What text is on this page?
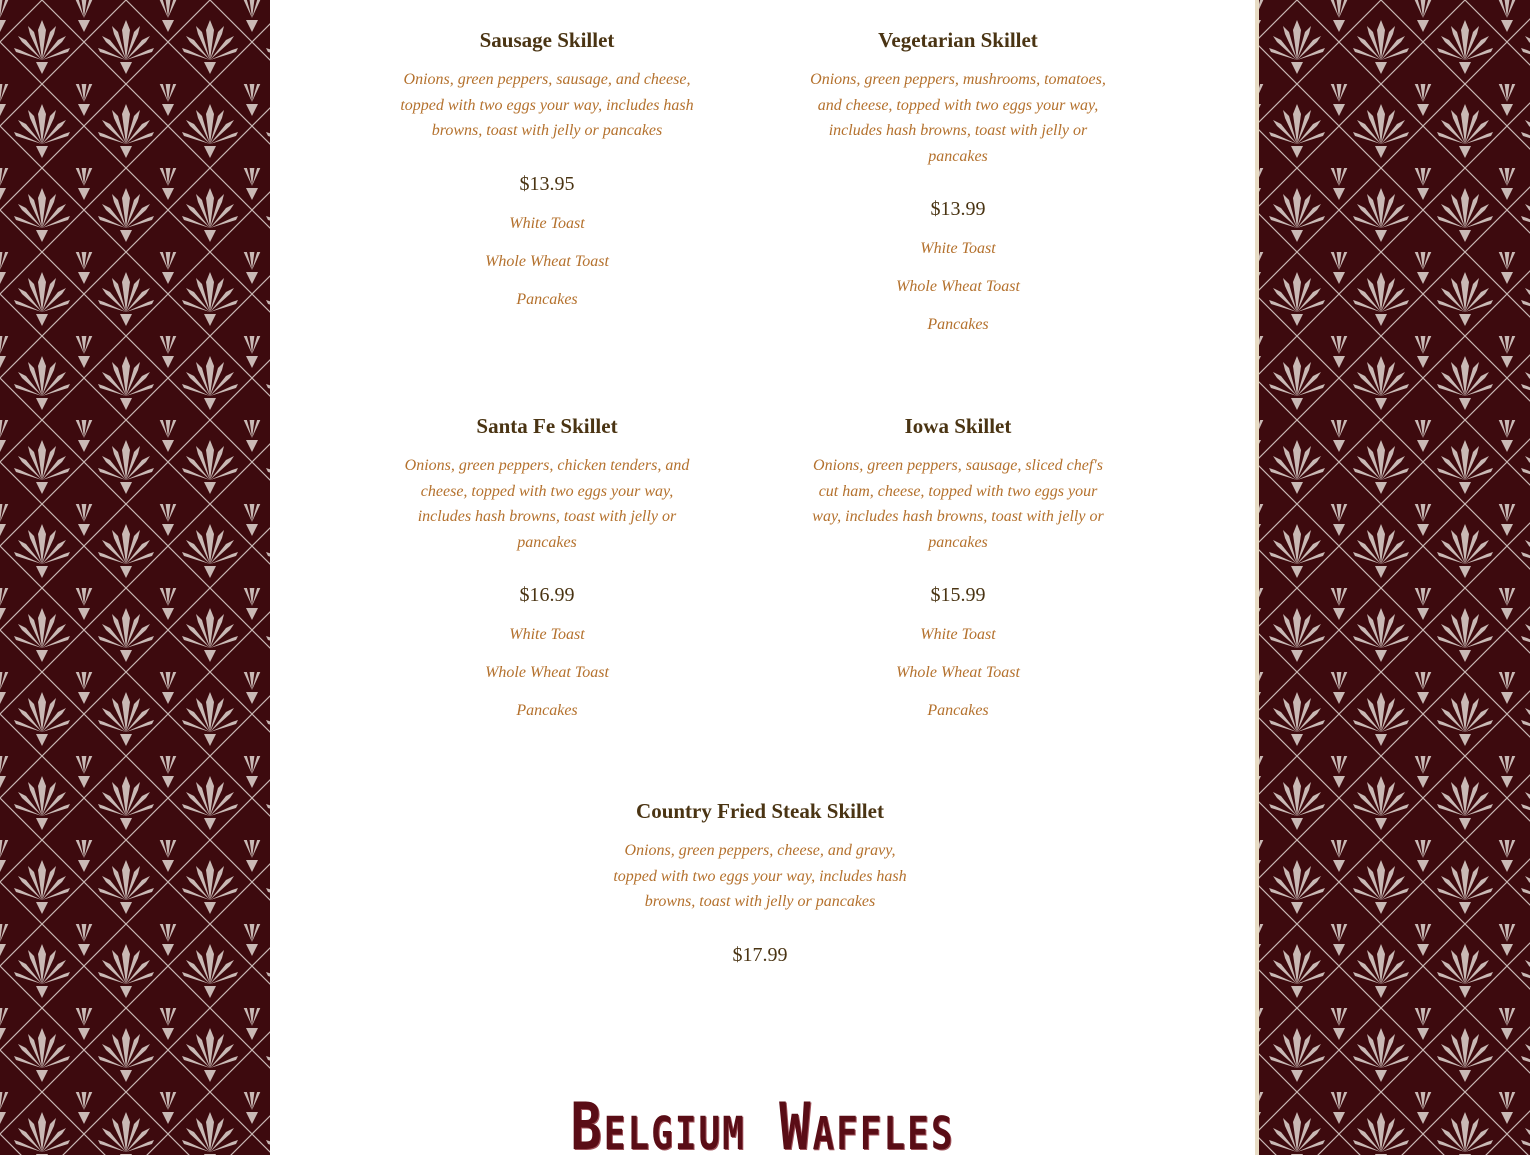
Sausage Skillet
Onions, green peppers, sausage, and cheese, topped with two eggs your way, includes hash browns, toast with jelly or pancakes
$13.95
White Toast
Whole Wheat Toast
Pancakes
Vegetarian Skillet
Onions, green peppers, mushrooms, tomatoes, and cheese, topped with two eggs your way, includes hash browns, toast with jelly or pancakes
$13.99
White Toast
Whole Wheat Toast
Pancakes
Santa Fe Skillet
Onions, green peppers, chicken tenders, and cheese, topped with two eggs your way, includes hash browns, toast with jelly or pancakes
$16.99
White Toast
Whole Wheat Toast
Pancakes
Iowa Skillet
Onions, green peppers, sausage, sliced chef's cut ham, cheese, topped with two eggs your way, includes hash browns, toast with jelly or pancakes
$15.99
White Toast
Whole Wheat Toast
Pancakes
Country Fried Steak Skillet
Onions, green peppers, cheese, and gravy, topped with two eggs your way, includes hash browns, toast with jelly or pancakes
$17.99
Belgium Waffles
